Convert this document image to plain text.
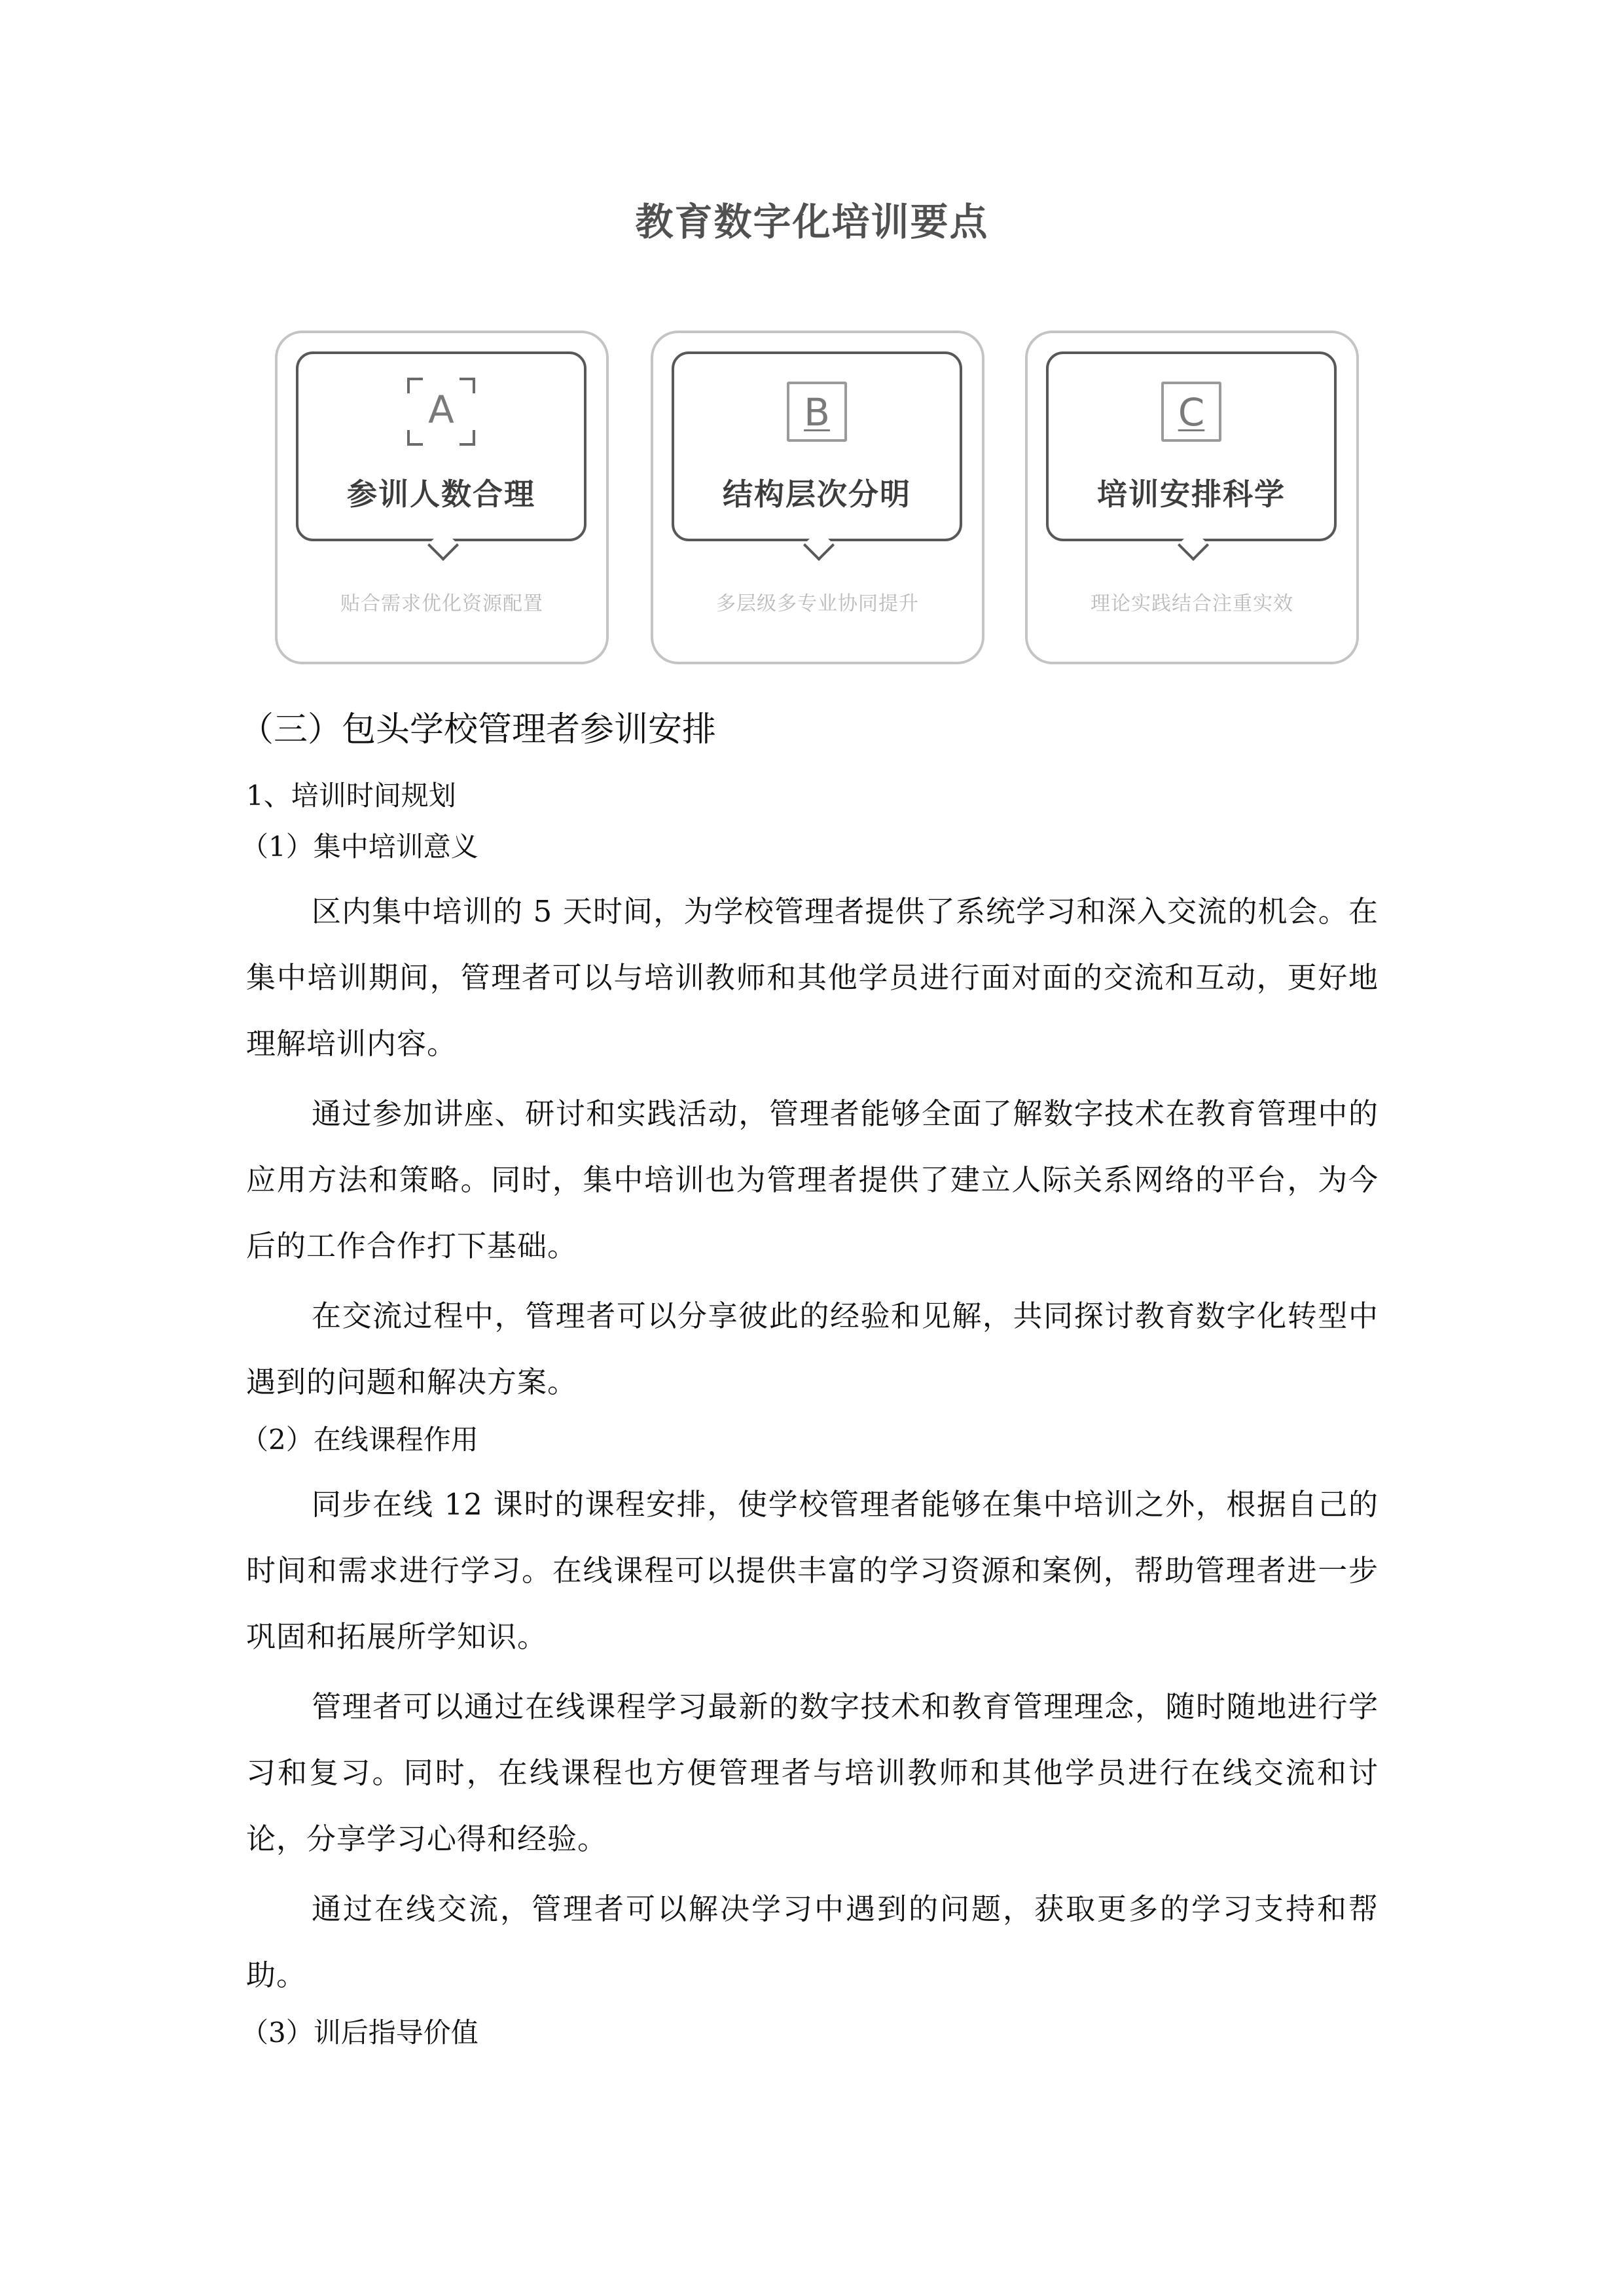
教育数字化培训要点
A
参训人数合理
贴合需求优化资源配置
B
结构层次分明
多层级多专业协同提升
C
培训安排科学
理论实践结合注重实效
（三）包头学校管理者参训安排
1、培训时间规划
（1）集中培训意义

区内集中培训的 5 天时间，为学校管理者提供了系统学习和深入交流的机会。在集中培训期间，管理者可以与培训教师和其他学员进行面对面的交流和互动，更好地理解培训内容。

通过参加讲座、研讨和实践活动，管理者能够全面了解数字技术在教育管理中的应用方法和策略。同时，集中培训也为管理者提供了建立人际关系网络的平台，为今后的工作合作打下基础。

在交流过程中，管理者可以分享彼此的经验和见解，共同探讨教育数字化转型中遇到的问题和解决方案。

（2）在线课程作用

同步在线 12 课时的课程安排，使学校管理者能够在集中培训之外，根据自己的时间和需求进行学习。在线课程可以提供丰富的学习资源和案例，帮助管理者进一步巩固和拓展所学知识。

管理者可以通过在线课程学习最新的数字技术和教育管理理念，随时随地进行学习和复习。同时，在线课程也方便管理者与培训教师和其他学员进行在线交流和讨论，分享学习心得和经验。

通过在线交流，管理者可以解决学习中遇到的问题，获取更多的学习支持和帮助。

（3）训后指导价值
